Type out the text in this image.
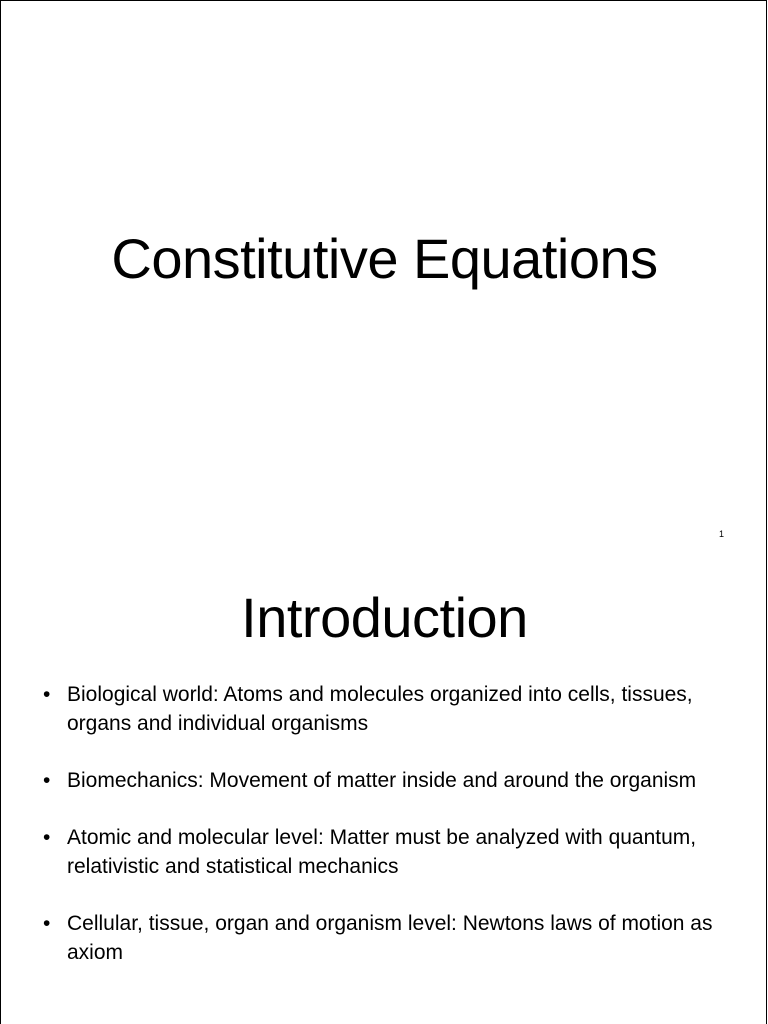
Constitutive Equations
1
Introduction
• Biological world: Atoms and molecules organized into cells, tissues, organs and individual organisms
• Biomechanics: Movement of matter inside and around the organism
• Atomic and molecular level: Matter must be analyzed with quantum, relativistic and statistical mechanics
• Cellular, tissue, organ and organism level: Newtons laws of motion as axiom
